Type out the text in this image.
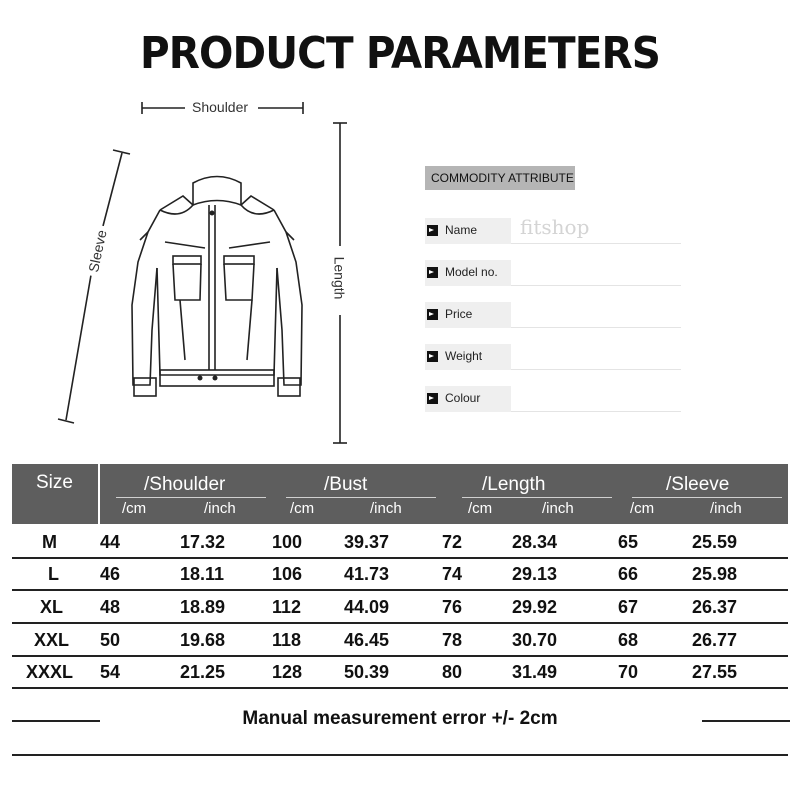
PRODUCT PARAMETERS
Shoulder
Sleeve
Length
COMMODITY ATTRIBUTE
Name fitshop
Model no.
Price
Weight
Colour
Size	/Shoulder
/cm	/inch
/Bust
/cm	/inch
/Length
/cm	/inch
/Sleeve
/cm	/inch
M 44	17.32	100 39.37	72	28.34	65	25.59
L 46	18.11	106 41.73	74	29.13	66	25.98
XL 48	18.89	112 44.09	76	29.92	67	26.37
XXL 50	19.68	118 46.45	78	30.70	68	26.77
XXXL 54	21.25	128 50.39	80	31.49	70	27.55
Manual measurement error +/- 2cm
